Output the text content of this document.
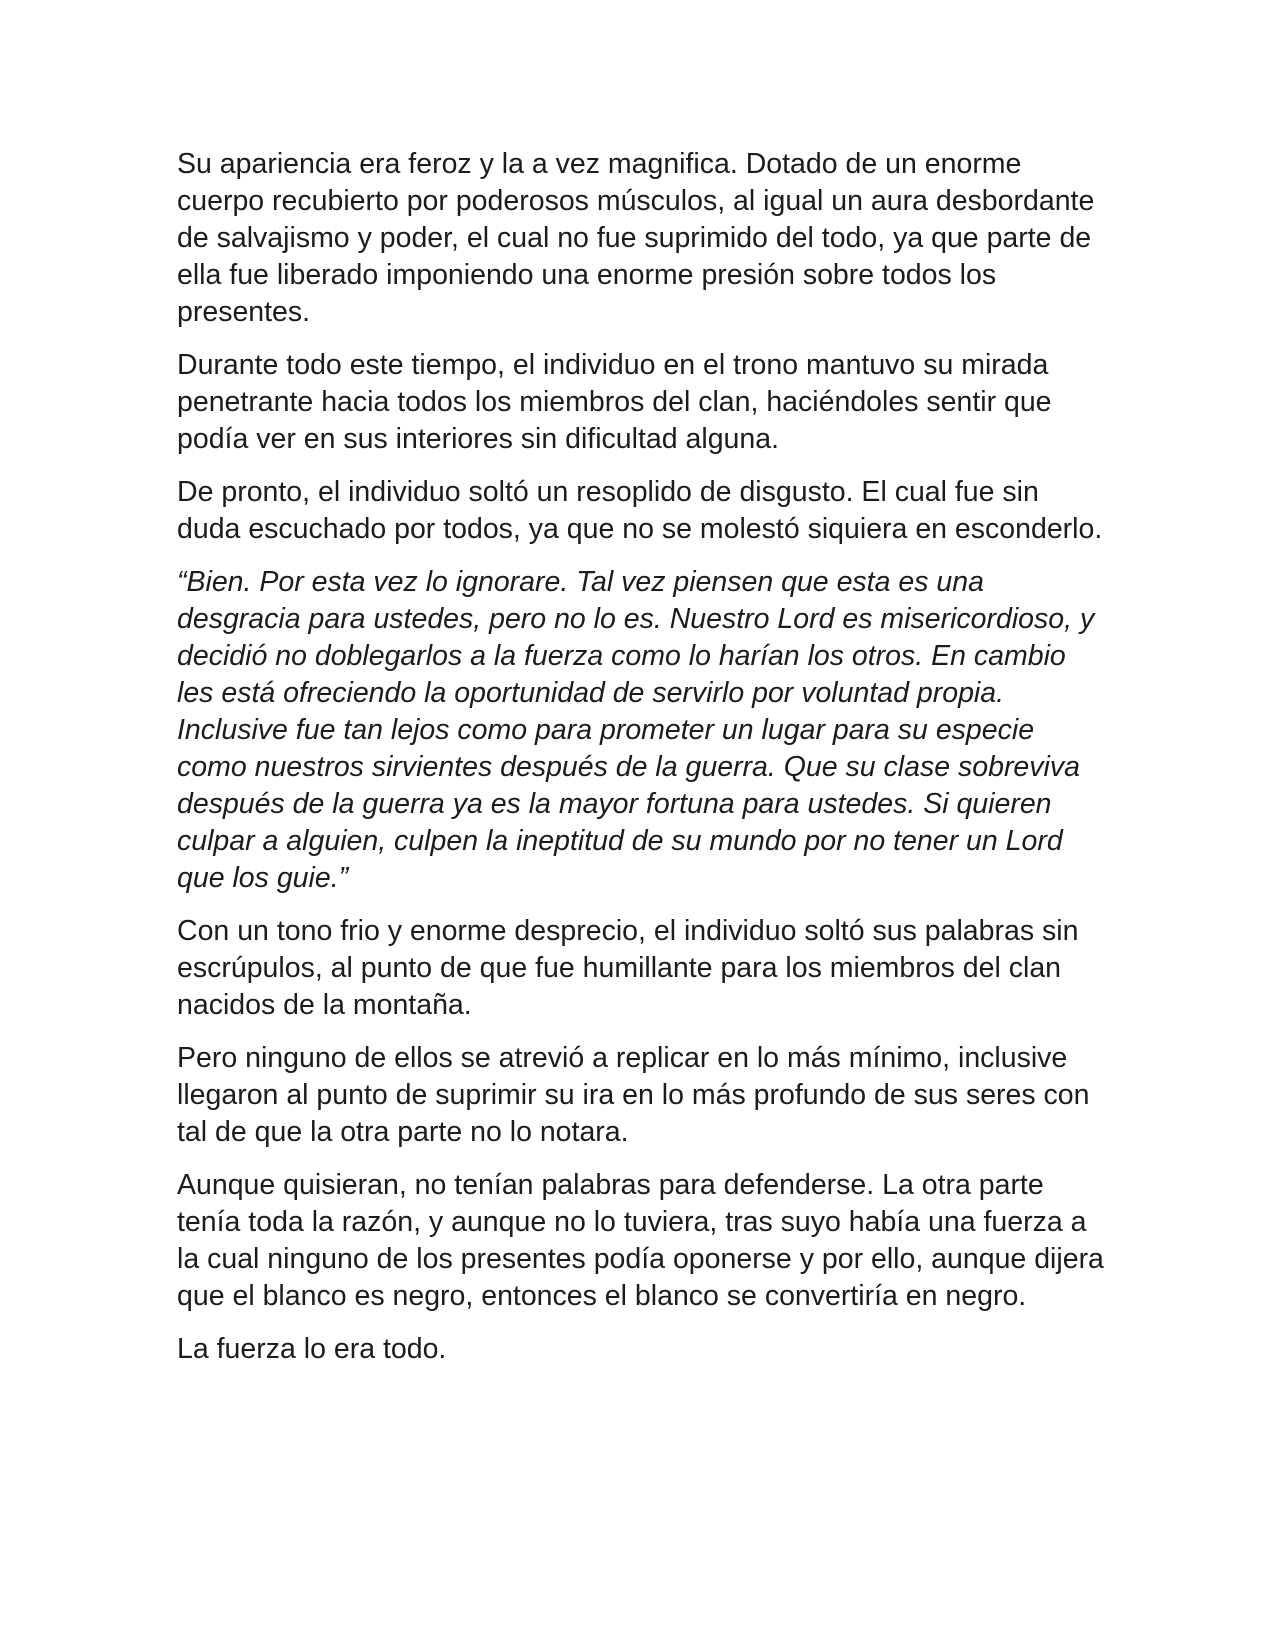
Su apariencia era feroz y la a vez magnifica. Dotado de un enorme cuerpo recubierto por poderosos músculos, al igual un aura desbordante de salvajismo y poder, el cual no fue suprimido del todo, ya que parte de ella fue liberado imponiendo una enorme presión sobre todos los presentes.

Durante todo este tiempo, el individuo en el trono mantuvo su mirada penetrante hacia todos los miembros del clan, haciéndoles sentir que podía ver en sus interiores sin dificultad alguna.

De pronto, el individuo soltó un resoplido de disgusto. El cual fue sin duda escuchado por todos, ya que no se molestó siquiera en esconderlo.

“Bien. Por esta vez lo ignorare. Tal vez piensen que esta es una desgracia para ustedes, pero no lo es. Nuestro Lord es misericordioso, y decidió no doblegarlos a la fuerza como lo harían los otros. En cambio les está ofreciendo la oportunidad de servirlo por voluntad propia. Inclusive fue tan lejos como para prometer un lugar para su especie como nuestros sirvientes después de la guerra. Que su clase sobreviva después de la guerra ya es la mayor fortuna para ustedes. Si quieren culpar a alguien, culpen la ineptitud de su mundo por no tener un Lord que los guie.”

Con un tono frio y enorme desprecio, el individuo soltó sus palabras sin escrúpulos, al punto de que fue humillante para los miembros del clan nacidos de la montaña.

Pero ninguno de ellos se atrevió a replicar en lo más mínimo, inclusive llegaron al punto de suprimir su ira en lo más profundo de sus seres con tal de que la otra parte no lo notara.

Aunque quisieran, no tenían palabras para defenderse. La otra parte tenía toda la razón, y aunque no lo tuviera, tras suyo había una fuerza a la cual ninguno de los presentes podía oponerse y por ello, aunque dijera que el blanco es negro, entonces el blanco se convertiría en negro.

La fuerza lo era todo.
